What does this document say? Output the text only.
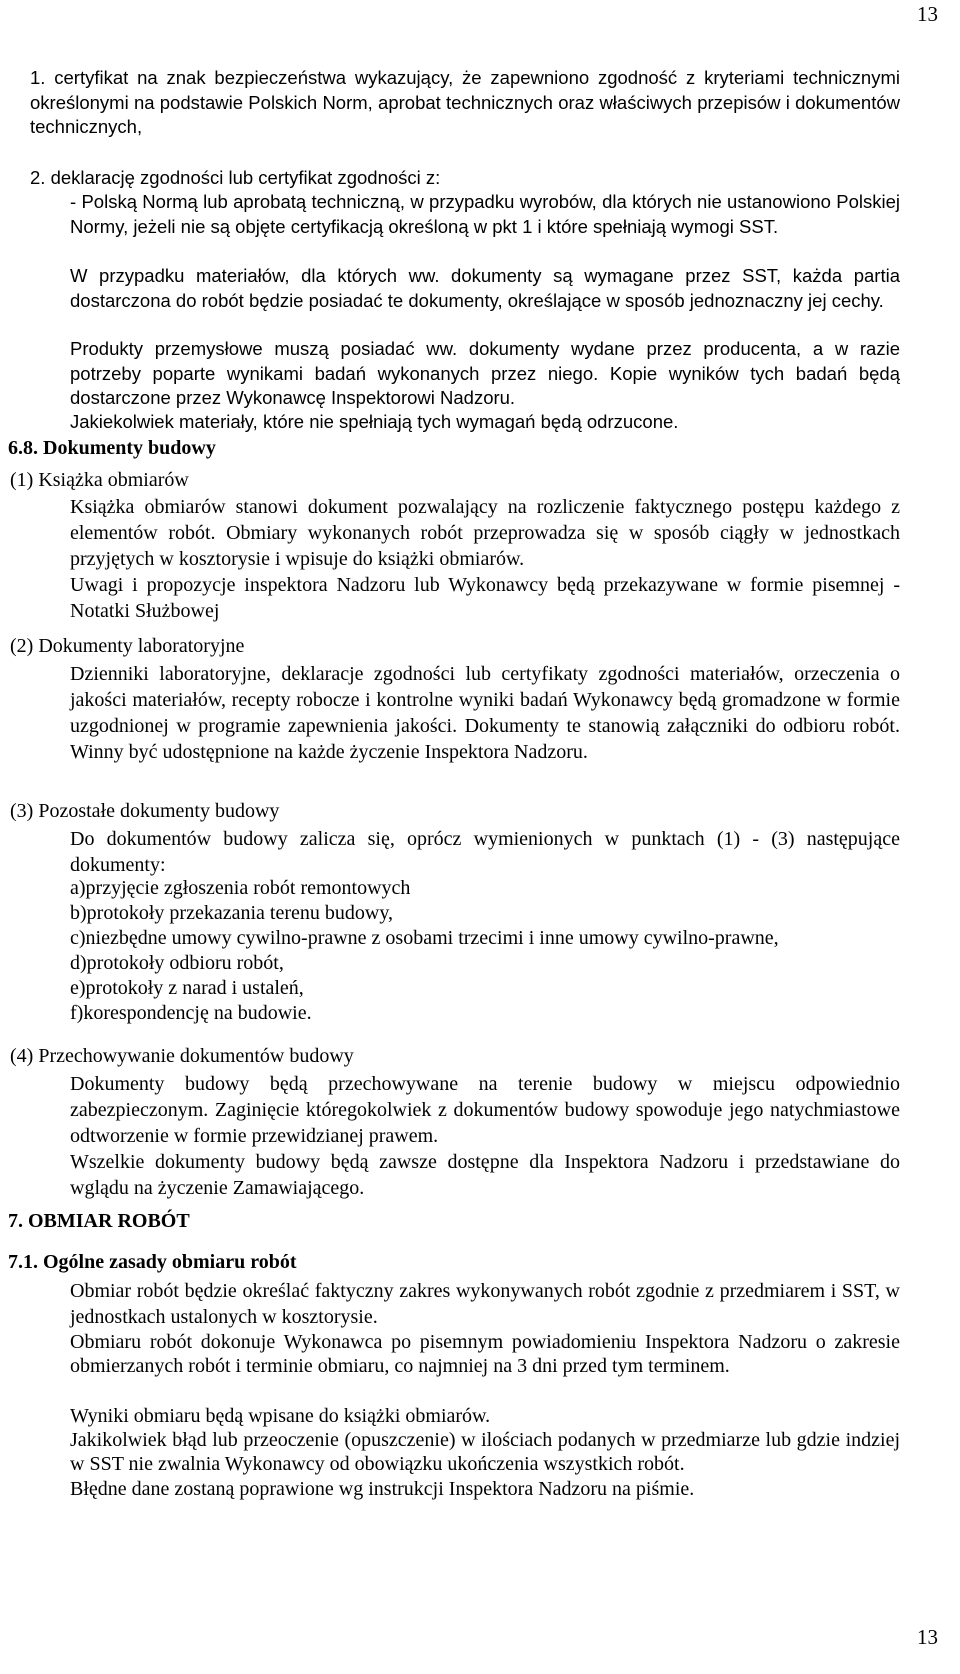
13
1. certyfikat na znak bezpieczeństwa wykazujący, że zapewniono zgodność z kryteriami technicznymi określonymi na podstawie Polskich Norm, aprobat technicznych oraz właściwych przepisów i dokumentów technicznych,
2. deklarację zgodności lub certyfikat zgodności z:
- Polską Normą lub aprobatą techniczną, w przypadku wyrobów, dla których nie ustanowiono Polskiej Normy, jeżeli nie są objęte certyfikacją określoną w pkt 1 i które spełniają wymogi SST.
W przypadku materiałów, dla których ww. dokumenty są wymagane przez SST, każda partia dostarczona do robót będzie posiadać te dokumenty, określające w sposób jednoznaczny jej cechy.
Produkty przemysłowe muszą posiadać ww. dokumenty wydane przez producenta, a w razie potrzeby poparte wynikami badań wykonanych przez niego. Kopie wyników tych badań będą dostarczone przez Wykonawcę Inspektorowi Nadzoru.
Jakiekolwiek materiały, które nie spełniają tych wymagań będą odrzucone.
6.8. Dokumenty budowy
(1) Książka obmiarów
Książka obmiarów stanowi dokument pozwalający na rozliczenie faktycznego postępu każdego z elementów robót. Obmiary wykonanych robót przeprowadza się w sposób ciągły w jednostkach przyjętych w kosztorysie i wpisuje do książki obmiarów.
Uwagi i propozycje inspektora Nadzoru lub Wykonawcy będą przekazywane w formie pisemnej - Notatki Służbowej
(2) Dokumenty laboratoryjne
Dzienniki laboratoryjne, deklaracje zgodności lub certyfikaty zgodności materiałów, orzeczenia o jakości materiałów, recepty robocze i kontrolne wyniki badań Wykonawcy będą gromadzone w formie uzgodnionej w programie zapewnienia jakości. Dokumenty te stanowią załączniki do odbioru robót. Winny być udostępnione na każde życzenie Inspektora Nadzoru.
(3) Pozostałe dokumenty budowy
Do dokumentów budowy zalicza się, oprócz wymienionych w punktach (1) - (3) następujące dokumenty:
a)przyjęcie zgłoszenia robót remontowych
b)protokoły przekazania terenu budowy,
c)niezbędne umowy cywilno-prawne z osobami trzecimi i inne umowy cywilno-prawne,
d)protokoły odbioru robót,
e)protokoły z narad i ustaleń,
f)korespondencję na budowie.
(4) Przechowywanie dokumentów budowy
Dokumenty budowy będą przechowywane na terenie budowy w miejscu odpowiednio zabezpieczonym. Zaginięcie któregokolwiek z dokumentów budowy spowoduje jego natychmiastowe odtworzenie w formie przewidzianej prawem.
Wszelkie dokumenty budowy będą zawsze dostępne dla Inspektora Nadzoru i przedstawiane do wglądu na życzenie Zamawiającego.
7. OBMIAR ROBÓT
7.1. Ogólne zasady obmiaru robót
Obmiar robót będzie określać faktyczny zakres wykonywanych robót zgodnie z przedmiarem i SST, w jednostkach ustalonych w kosztorysie.
Obmiaru robót dokonuje Wykonawca po pisemnym powiadomieniu Inspektora Nadzoru o zakresie obmierzanych robót i terminie obmiaru, co najmniej na 3 dni przed tym terminem.
Wyniki obmiaru będą wpisane do książki obmiarów.
Jakikolwiek błąd lub przeoczenie (opuszczenie) w ilościach podanych w przedmiarze lub gdzie indziej w SST nie zwalnia Wykonawcy od obowiązku ukończenia wszystkich robót.
Błędne dane zostaną poprawione wg instrukcji Inspektora Nadzoru na piśmie.
13
